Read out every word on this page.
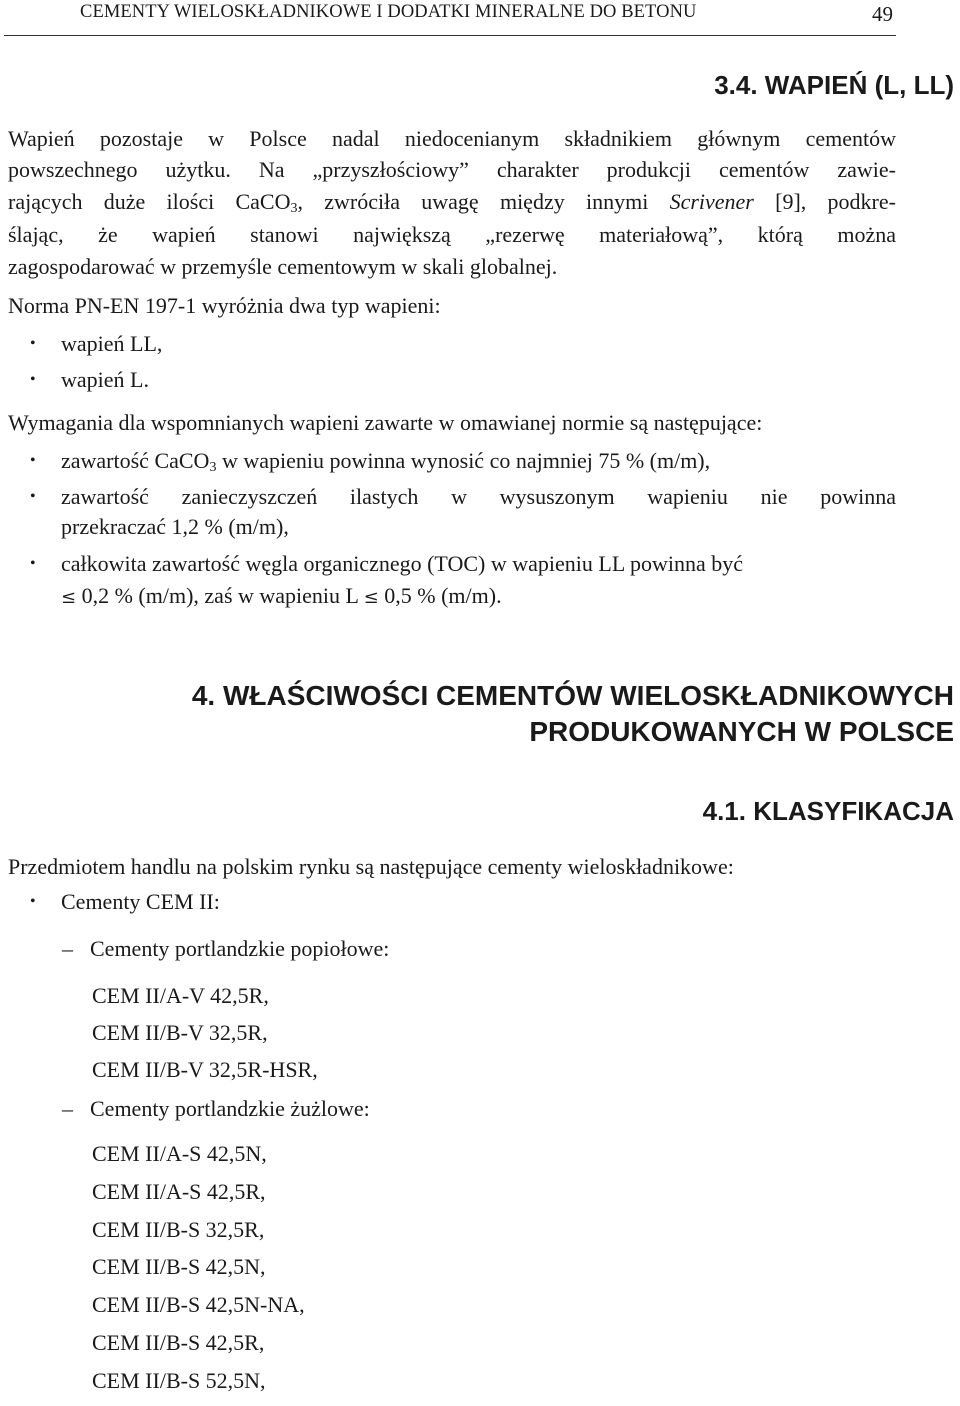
CEMENTY WIELOSKŁADNIKOWE I DODATKI MINERALNE DO BETONU	49
3.4. WAPIEŃ (L, LL)
Wapień pozostaje w Polsce nadal niedocenianym składnikiem głównym cementów
powszechnego użytku. Na „przyszłościowy” charakter produkcji cementów zawie-
rających duże ilości CaCO$_3$, zwróciła uwagę między innymi Scrivener [9], podkre-
ślając, że wapień stanowi największą „rezerwę materiałową”, którą można
zagospodarować w przemyśle cementowym w skali globalnej.
Norma PN-EN 197-1 wyróżnia dwa typ wapieni:
• wapień LL,
• wapień L.
Wymagania dla wspomnianych wapieni zawarte w omawianej normie są następujące:
• zawartość CaCO$_3$ w wapieniu powinna wynosić co najmniej 75 % (m/m),
• zawartość zanieczyszczeń ilastych w wysuszonym wapieniu nie powinna
przekraczać 1,2 % (m/m),
• całkowita zawartość węgla organicznego (TOC) w wapieniu LL powinna być
≤ 0,2 % (m/m), zaś w wapieniu L ≤ 0,5 % (m/m).
4. WŁAŚCIWOŚCI CEMENTÓW WIELOSKŁADNIKOWYCH
PRODUKOWANYCH W POLSCE
4.1. KLASYFIKACJA
Przedmiotem handlu na polskim rynku są następujące cementy wieloskładnikowe:
• Cementy CEM II:
– Cementy portlandzkie popiołowe:
CEM II/A-V 42,5R,
CEM II/B-V 32,5R,
CEM II/B-V 32,5R-HSR,
– Cementy portlandzkie żużlowe:
CEM II/A-S 42,5N,
CEM II/A-S 42,5R,
CEM II/B-S 32,5R,
CEM II/B-S 42,5N,
CEM II/B-S 42,5N-NA,
CEM II/B-S 42,5R,
CEM II/B-S 52,5N,
